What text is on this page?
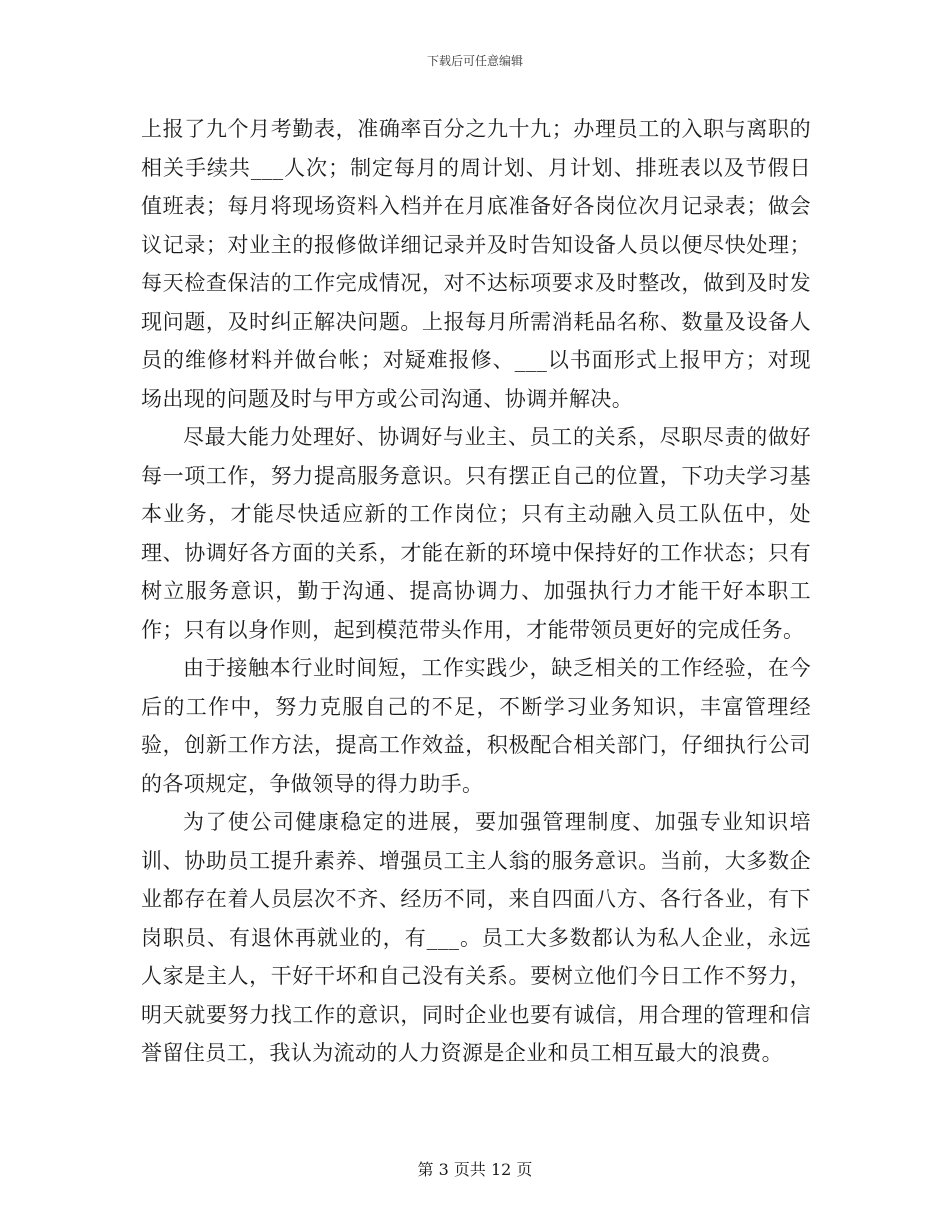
下载后可任意编辑

上报了九个月考勤表，准确率百分之九十九；办理员工的入职与离职的相关手续共___人次；制定每月的周计划、月计划、排班表以及节假日值班表；每月将现场资料入档并在月底准备好各岗位次月记录表；做会议记录；对业主的报修做详细记录并及时告知设备人员以便尽快处理；每天检查保洁的工作完成情况，对不达标项要求及时整改，做到及时发现问题，及时纠正解决问题。上报每月所需消耗品名称、数量及设备人员的维修材料并做台帐；对疑难报修、___以书面形式上报甲方；对现场出现的问题及时与甲方或公司沟通、协调并解决。

尽最大能力处理好、协调好与业主、员工的关系，尽职尽责的做好每一项工作，努力提高服务意识。只有摆正自己的位置，下功夫学习基本业务，才能尽快适应新的工作岗位；只有主动融入员工队伍中，处理、协调好各方面的关系，才能在新的环境中保持好的工作状态；只有树立服务意识，勤于沟通、提高协调力、加强执行力才能干好本职工作；只有以身作则，起到模范带头作用，才能带领员更好的完成任务。

由于接触本行业时间短，工作实践少，缺乏相关的工作经验，在今后的工作中，努力克服自己的不足，不断学习业务知识，丰富管理经验，创新工作方法，提高工作效益，积极配合相关部门，仔细执行公司的各项规定，争做领导的得力助手。

为了使公司健康稳定的进展，要加强管理制度、加强专业知识培训、协助员工提升素养、增强员工主人翁的服务意识。当前，大多数企业都存在着人员层次不齐、经历不同，来自四面八方、各行各业，有下岗职员、有退休再就业的，有___。员工大多数都认为私人企业，永远人家是主人，干好干坏和自己没有关系。要树立他们今日工作不努力，明天就要努力找工作的意识，同时企业也要有诚信，用合理的管理和信誉留住员工，我认为流动的人力资源是企业和员工相互最大的浪费。

第 3 页共 12 页
